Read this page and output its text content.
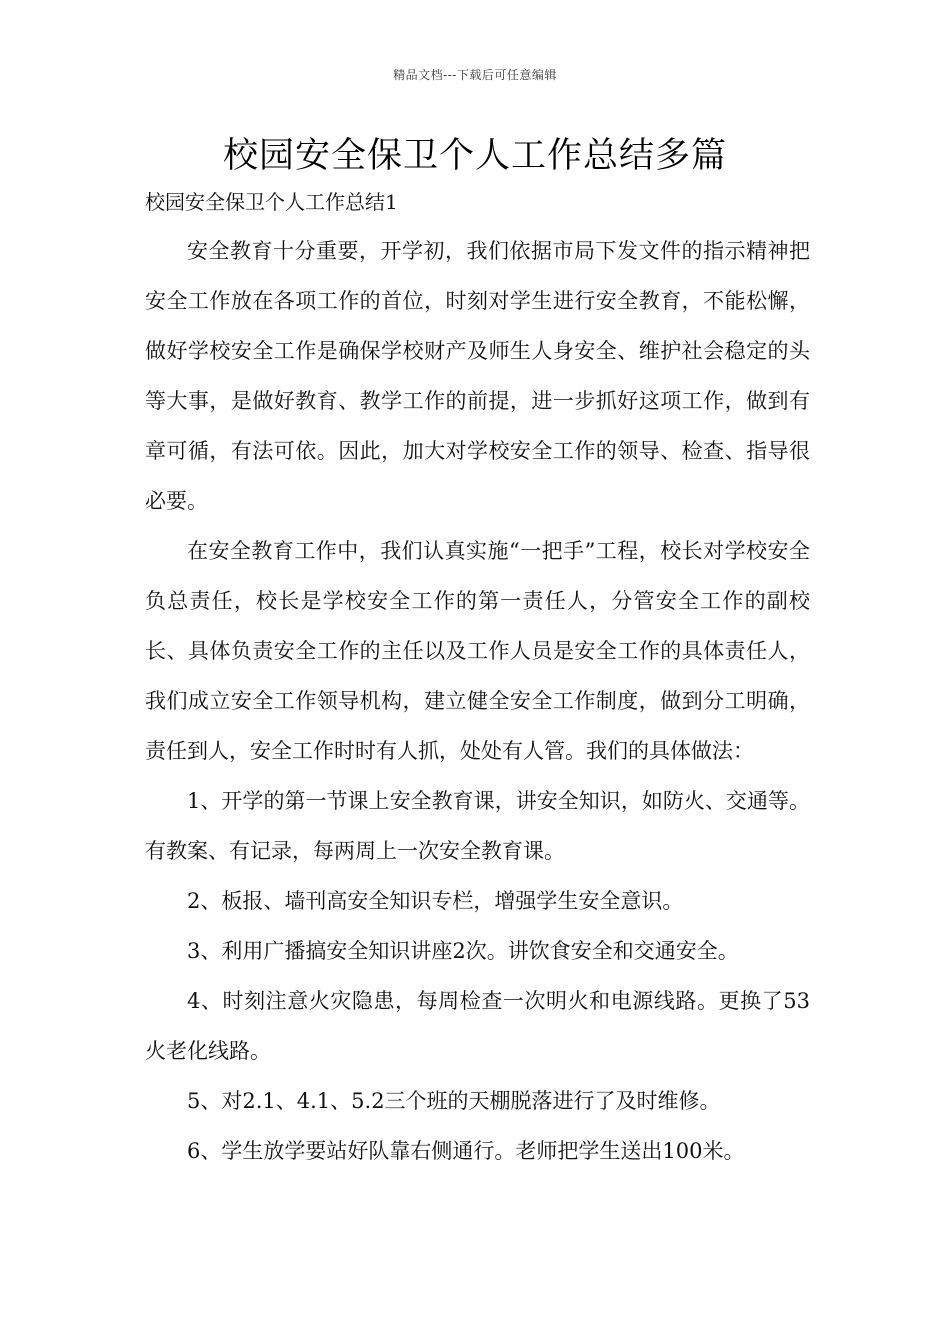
精品文档---下载后可任意编辑
校园安全保卫个人工作总结多篇
校园安全保卫个人工作总结1

安全教育十分重要，开学初，我们依据市局下发文件的指示精神把安全工作放在各项工作的首位，时刻对学生进行安全教育，不能松懈，做好学校安全工作是确保学校财产及师生人身安全、维护社会稳定的头等大事，是做好教育、教学工作的前提，进一步抓好这项工作，做到有章可循，有法可依。因此，加大对学校安全工作的领导、检查、指导很必要。

在安全教育工作中，我们认真实施“一把手”工程，校长对学校安全负总责任，校长是学校安全工作的第一责任人，分管安全工作的副校长、具体负责安全工作的主任以及工作人员是安全工作的具体责任人，我们成立安全工作领导机构，建立健全安全工作制度，做到分工明确，责任到人，安全工作时时有人抓，处处有人管。我们的具体做法：

1、开学的第一节课上安全教育课，讲安全知识，如防火、交通等。有教案、有记录，每两周上一次安全教育课。

2、板报、墙刊高安全知识专栏，增强学生安全意识。

3、利用广播搞安全知识讲座2次。讲饮食安全和交通安全。

4、时刻注意火灾隐患，每周检查一次明火和电源线路。更换了53火老化线路。

5、对2.1、4.1、5.2三个班的天棚脱落进行了及时维修。

6、学生放学要站好队靠右侧通行。老师把学生送出100米。
